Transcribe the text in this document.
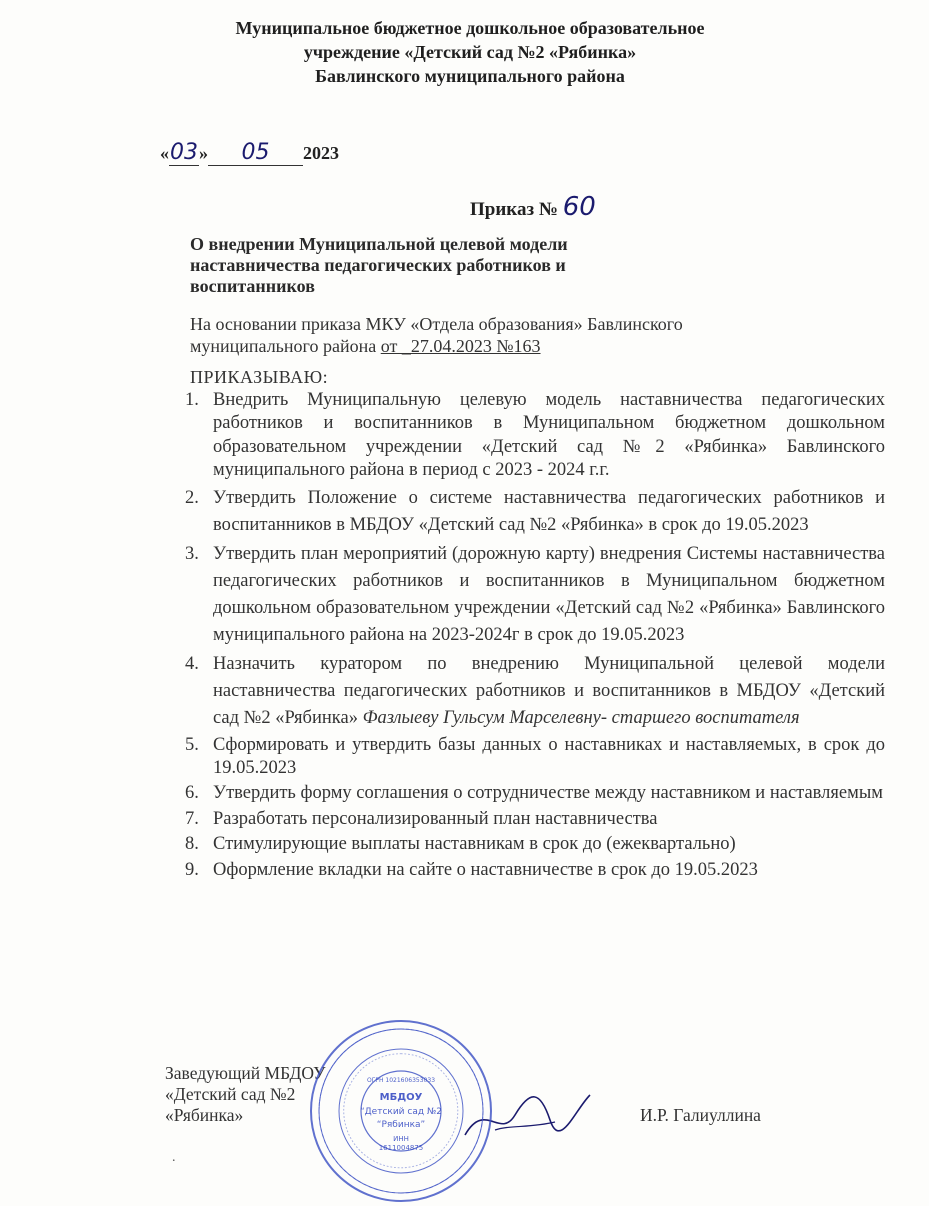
Муниципальное бюджетное дошкольное образовательное
учреждение «Детский сад №2 «Рябинка»
Бавлинского муниципального района
«03» 05 2023
Приказ № 60
О внедрении Муниципальной целевой модели
наставничества педагогических работников и
воспитанников
На основании приказа МКУ «Отдела образования» Бавлинского
муниципального района от _27.04.2023 №163
ПРИКАЗЫВАЮ:
1. Внедрить Муниципальную целевую модель наставничества педагогических работников и воспитанников в Муниципальном бюджетном дошкольном образовательном учреждении «Детский сад №2 «Рябинка» Бавлинского муниципального района в период с 2023 - 2024 г.г.
2. Утвердить Положение о системе наставничества педагогических работников и воспитанников в МБДОУ «Детский сад №2 «Рябинка» в срок до 19.05.2023
3. Утвердить план мероприятий (дорожную карту) внедрения Системы наставничества педагогических работников и воспитанников в Муниципальном бюджетном дошкольном образовательном учреждении «Детский сад №2 «Рябинка» Бавлинского муниципального района на 2023-2024г в срок до 19.05.2023
4. Назначить куратором по внедрению Муниципальной целевой модели наставничества педагогических работников и воспитанников в МБДОУ «Детский сад №2 «Рябинка» Фазлыеву Гульсум Марселевну- старшего воспитателя
5. Сформировать и утвердить базы данных о наставниках и наставляемых, в срок до 19.05.2023
6. Утвердить форму соглашения о сотрудничестве между наставником и наставляемым
7. Разработать персонализированный план наставничества
8. Стимулирующие выплаты наставникам в срок до (ежеквартально)
9. Оформление вкладки на сайте о наставничестве в срок до 19.05.2023
Заведующий МБДОУ
«Детский сад №2
«Рябинка»	И.Р. Галиуллина
МБДОУ
“Детский сад №2
“Рябинка”
ИНН
1611004875
ОГРН 1021606353033
.
